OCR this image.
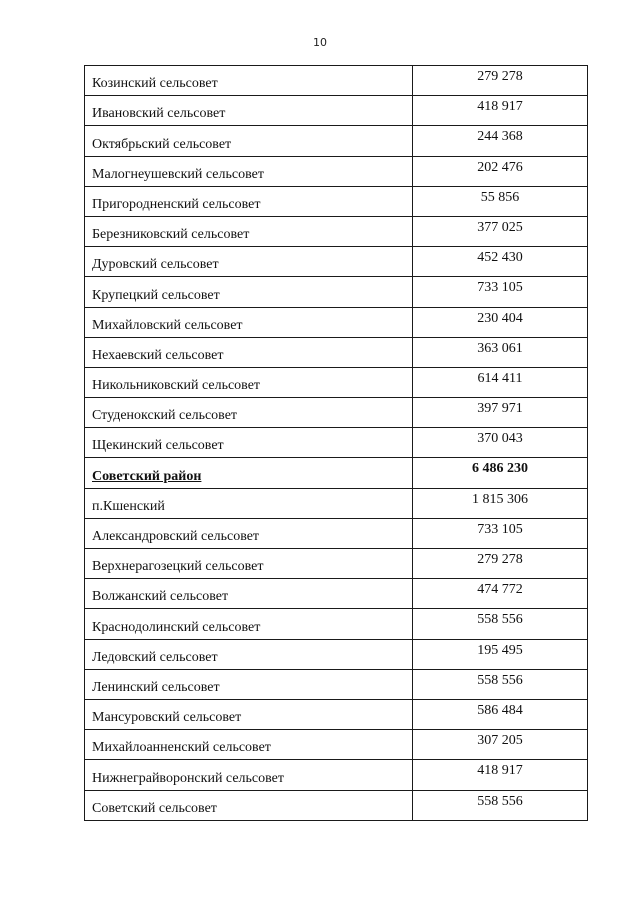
10
Козинский сельсовет	279 278
Ивановский сельсовет	418 917
Октябрьский сельсовет	244 368
Малогнеушевский сельсовет	202 476
Пригородненский сельсовет	55 856
Березниковский сельсовет	377 025
Дуровский сельсовет	452 430
Крупецкий сельсовет	733 105
Михайловский сельсовет	230 404
Нехаевский сельсовет	363 061
Никольниковский сельсовет	614 411
Студенокский сельсовет	397 971
Щекинский сельсовет	370 043
Советский район	6 486 230
п.Кшенский	1 815 306
Александровский сельсовет	733 105
Верхнерагозецкий сельсовет	279 278
Волжанский сельсовет	474 772
Краснодолинский сельсовет	558 556
Ледовский сельсовет	195 495
Ленинский сельсовет	558 556
Мансуровский сельсовет	586 484
Михайлоанненский сельсовет	307 205
Нижнеграйворонский сельсовет	418 917
Советский сельсовет	558 556
